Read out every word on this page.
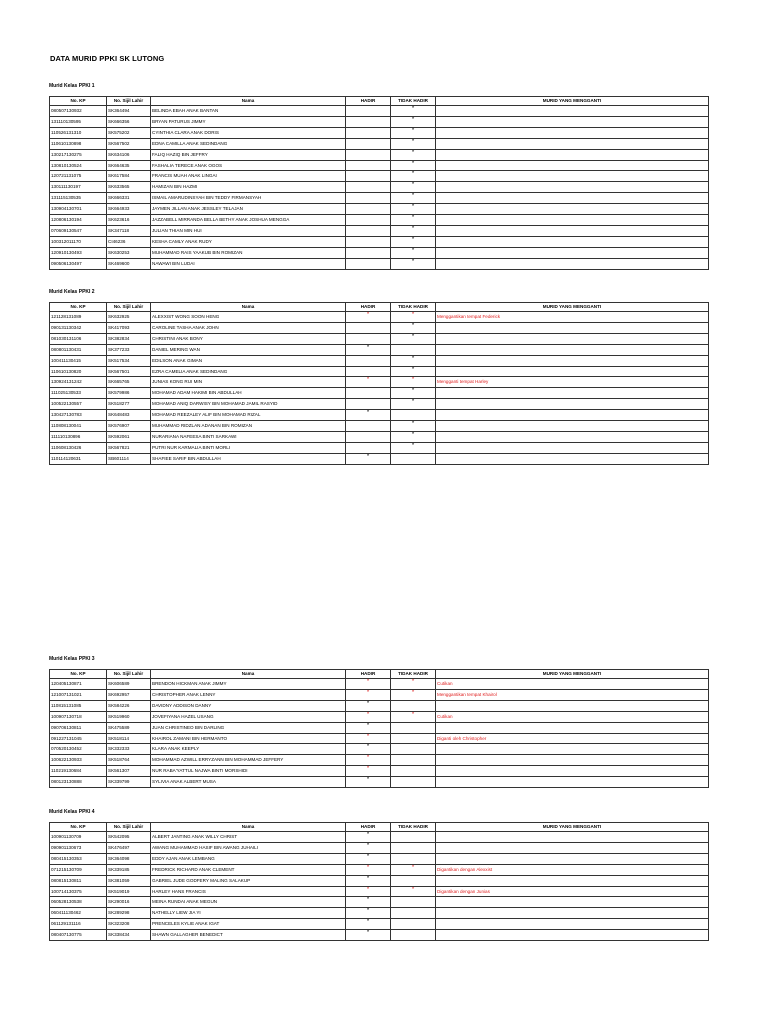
DATA MURID PPKI SK LUTONG
Murid Kelas PPKI 1
No. KP	No. Sijil Lahir	Nama	HADIR	TIDAK HADIR	MURID YANG MENGGANTI
080507130932	SK364494	BELINDA EBAH ANAK BANTAN		*	
131110130595	SK666356	BRYAN PATURUS JIMMY		*	
110526131310	SK575202	CYINTHIA CLARA ANAK DORIS		*	
110610130898	SK567502	EDNA CAMILLA ANAK SEDINDANG		*	
130217130275	SK634106	FALIQ HAZIQ BIN JEFFRY		*	
130810130524	SK664635	FASHALIA TERECE ANAK OGOS		*	
120721131075	SK617584	FRANCIS MUAH ANAK LINGAI		*	
130111130197	SK633565	HAMIZAN BIN HAZMI		*	
131115130535	SK666331	ISMAIL AMARUDINSYAH BIN TEDDY FIRMANSYAH		*	
130904130701	SK664933	JAYMEN JILLAN ANAK JESSLEY TELAJAN		*	
120806130194	SK623616	JAZZABELL MIRRANDA BELLA BETHY ANAK JOSHUA MENGGA		*	
070609130547	SK347118	JULIAN THIAN MIN HUI		*	
100312011170	CI46236	KESHA CAMLY ANAK RUDY		*	
120910130493	SK630253	MUHAMMAD RAIS YAAKUB BIN ROMIZAN		*	
090506130497	SK469600	NAWAWI BIN LUDAI		*	
Murid Kelas PPKI 2
No. KP	No. Sijil Lahir	Nama	HADIR	TIDAK HADIR	MURID YANG MENGGANTI
121128131089	SK632925	ALEXXIST WONG SOON HENG	*	*	Menggantikan tempat Federick
090131130342	SK417093	CAROLINE TASHA ANAK JOHN		*	
081030131106	SK382834	CHRISTINI ANAK BONY		*	
080801130431	SK377233	DANIEL MERING WAN	*		
100411130415	SK517534	EDILSON ANAK GIMAN		*	
110610130820	SK567501	EZRA CAMELIA ANAK SEDINDANG		*	
130924131242	SK665765	JUNIAS KONG RUI MIN	*	*	Mengganti tempat Harley
111025130533	SK579986	MOHAMAD ADAM HAKIMI BIN ABDULLAH		*	
100522130557	SK518277	MOHAMAD ANIQ DARWISY BIN MOHAMAD JAMIL RASYID		*	
130427130783	SK648483	MOHAMAD REEZALEY ALIF BIN MOHAMAD RIZAL	*		
110808130041	SK576907	MUHAMMAD RIDZLAN ADANAN BIN ROMIZAN		*	
111110130896	SK592061	NURARIANA NAFEESA BINTI SARKAWI		*	
110608130426	SK567821	PUTRI NUR KARMALIA BINTI MORLI		*	
110114120631	SB601114	SHAFIEE SARIF BIN ABDULLAH	*		
Murid Kelas PPKI 3
No. KP	No. Sijil Lahir	Nama	HADIR	TIDAK HADIR	MURID YANG MENGGANTI
120405130871	SK606589	BRENDON HICKMAN ANAK JIMMY	*	*	Cutikan
121007131021	SK692957	CHRISTOPHER ANAK LENNY	*	*	Menggantikan tempat Khairol
110815131085	SK584226	DAVIDNY ADDISON DANNY	*		
100907130718	SK519960	JOVEFIYANA HAZEL USANG	*	*	Cutikan
090706130811	SK475589	JUAN CHRISTINEO BIN DARLING	*		
091227131045	SK518114	KHAIROL ZAMANI BIN HERMANTO	*		Diganti oleh Christopher
070520130452	SK332333	KLARA ANAK KEEPLY	*		
100622130933	SK518764	MOHAMMAD AZWILL ERRYZANN BIN MOHAMMAD JEFFERY	*		
110219130684	SK561307	NUR RABA'YATTUL NAJWA BINTI MORSHIDI	*		
080123130888	SK339799	SYLIVIA ANAK ALBERT MUSA	*		
Murid Kelas PPKI 4
No. KP	No. Sijil Lahir	Nama	HADIR	TIDAK HADIR	MURID YANG MENGGANTI
100901130709	SK542095	ALBERT JANTING ANAK WILLY CHRIST	*		
090901130673	SK476497	AWANG MUHAMMAD HASIF BIN AWANG JUHAILI	*		
080415130353	SK364098	EDDY AJAN ANAK LEMBANG	*		
071215130709	SK339185	FREDRICK RICHARD ANAK CLEMENT	*	*	Digantikan dengan Alexxist
080815130811	SK381059	GABRIEL JUDE GODFERY MALING SALAKUP	*		
100714130375	SK519019	HARLEY HANS FRANCIS	*	*	Digantikan dengan Junias
060528130538	SK290016	MEINA RUNDAI ANAK MEGUN	*		
060411130462	SK289298	NATHELLY LIEW JIA YI	*		
061129131116	SK323208	PRENCELES KYLIE ANAK IGAT	*		
080407130775	SK338434	SHAWN GALLAGHER BENEDICT	*		
